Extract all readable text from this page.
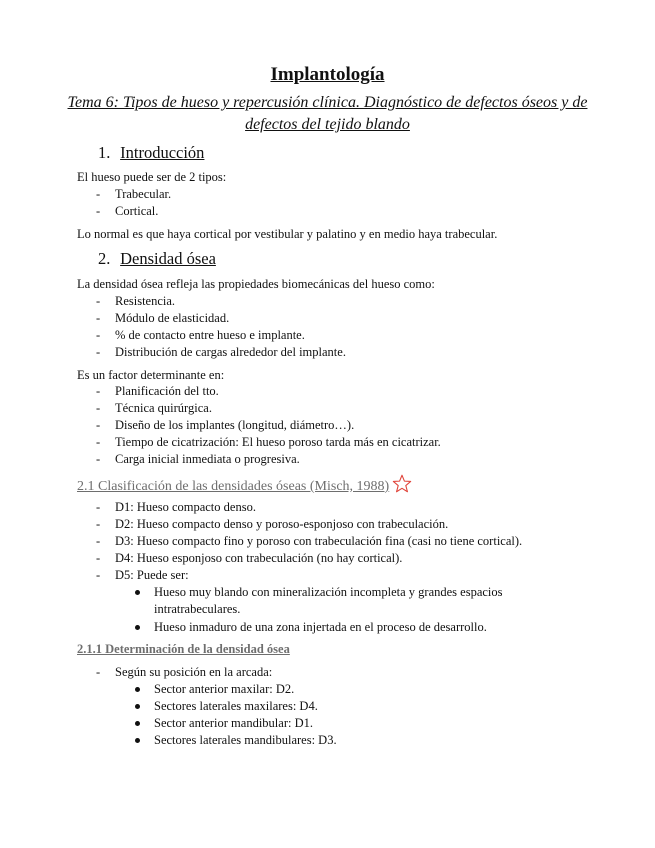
Implantología
Tema 6: Tipos de hueso y repercusión clínica. Diagnóstico de defectos óseos y de defectos del tejido blando
1. Introducción
El hueso puede ser de 2 tipos:
- Trabecular.
- Cortical.
Lo normal es que haya cortical por vestibular y palatino y en medio haya trabecular.
2. Densidad ósea
La densidad ósea refleja las propiedades biomecánicas del hueso como:
- Resistencia.
- Módulo de elasticidad.
- % de contacto entre hueso e implante.
- Distribución de cargas alrededor del implante.
Es un factor determinante en:
- Planificación del tto.
- Técnica quirúrgica.
- Diseño de los implantes (longitud, diámetro…).
- Tiempo de cicatrización: El hueso poroso tarda más en cicatrizar.
- Carga inicial inmediata o progresiva.
2.1 Clasificación de las densidades óseas (Misch, 1988)
- D1: Hueso compacto denso.
- D2: Hueso compacto denso y poroso-esponjoso con trabeculación.
- D3: Hueso compacto fino y poroso con trabeculación fina (casi no tiene cortical).
- D4: Hueso esponjoso con trabeculación (no hay cortical).
- D5: Puede ser:
Hueso muy blando con mineralización incompleta y grandes espacios intratrabeculares.
Hueso inmaduro de una zona injertada en el proceso de desarrollo.
2.1.1 Determinación de la densidad ósea
- Según su posición en la arcada:
Sector anterior maxilar: D2.
Sectores laterales maxilares: D4.
Sector anterior mandibular: D1.
Sectores laterales mandibulares: D3.
